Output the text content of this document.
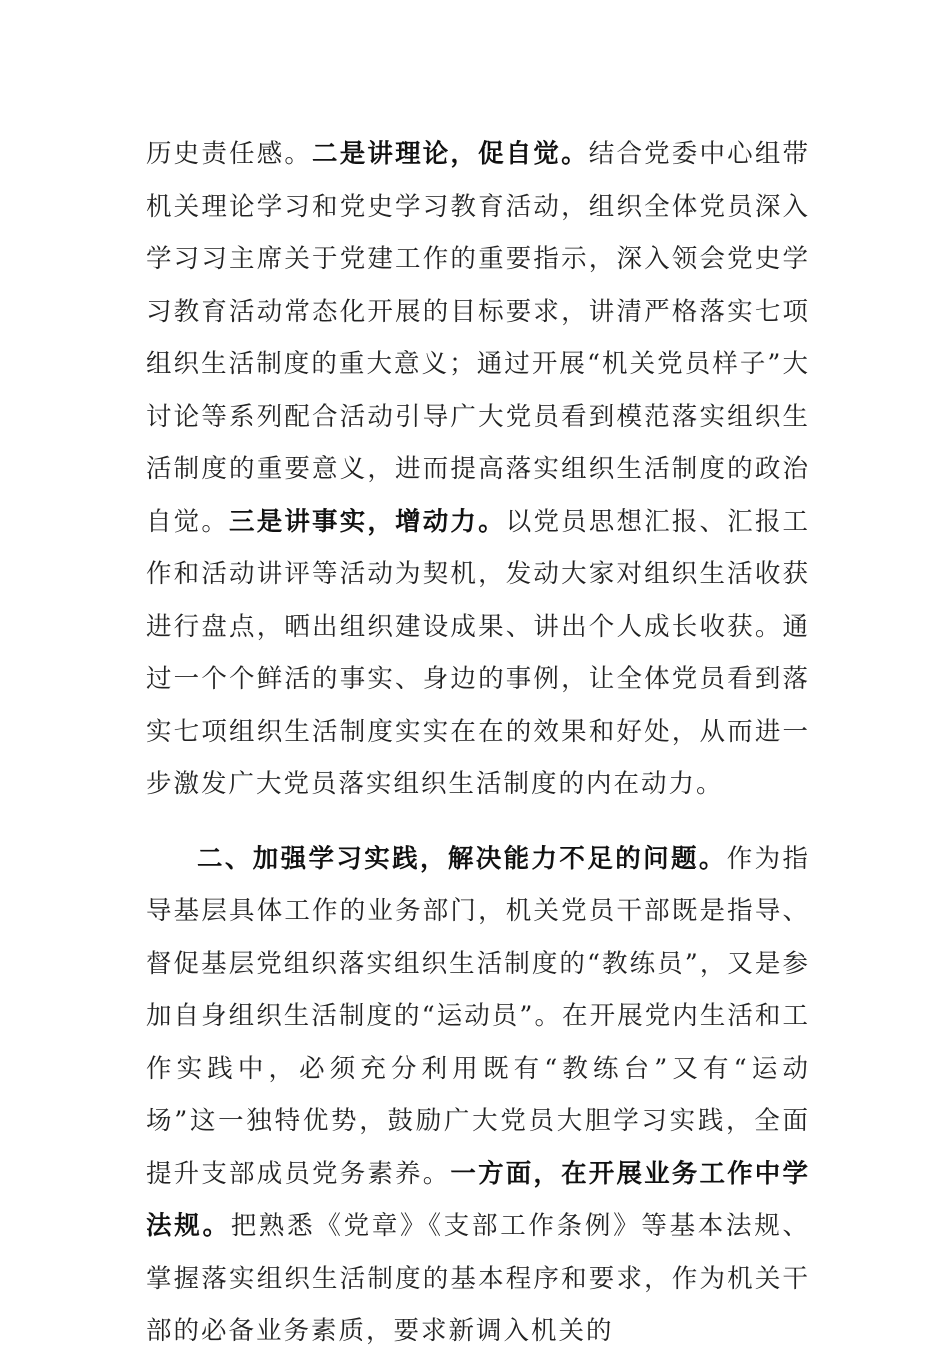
历史责任感。二是讲理论，促自觉。结合党委中心组带机关理论学习和党史学习教育活动，组织全体党员深入学习习主席关于党建工作的重要指示，深入领会党史学习教育活动常态化开展的目标要求，讲清严格落实七项组织生活制度的重大意义；通过开展“机关党员样子”大讨论等系列配合活动引导广大党员看到模范落实组织生活制度的重要意义，进而提高落实组织生活制度的政治自觉。三是讲事实，增动力。以党员思想汇报、汇报工作和活动讲评等活动为契机，发动大家对组织生活收获进行盘点，晒出组织建设成果、讲出个人成长收获。通过一个个鲜活的事实、身边的事例，让全体党员看到落实七项组织生活制度实实在在的效果和好处，从而进一步激发广大党员落实组织生活制度的内在动力。

二、加强学习实践，解决能力不足的问题。作为指导基层具体工作的业务部门，机关党员干部既是指导、督促基层党组织落实组织生活制度的“教练员”，又是参加自身组织生活制度的“运动员”。在开展党内生活和工作实践中，必须充分利用既有“教练台”又有“运动场”这一独特优势，鼓励广大党员大胆学习实践，全面提升支部成员党务素养。一方面，在开展业务工作中学法规。把熟悉《党章》《支部工作条例》等基本法规、掌握落实组织生活制度的基本程序和要求，作为机关干部的必备业务素质，要求新调入机关的
